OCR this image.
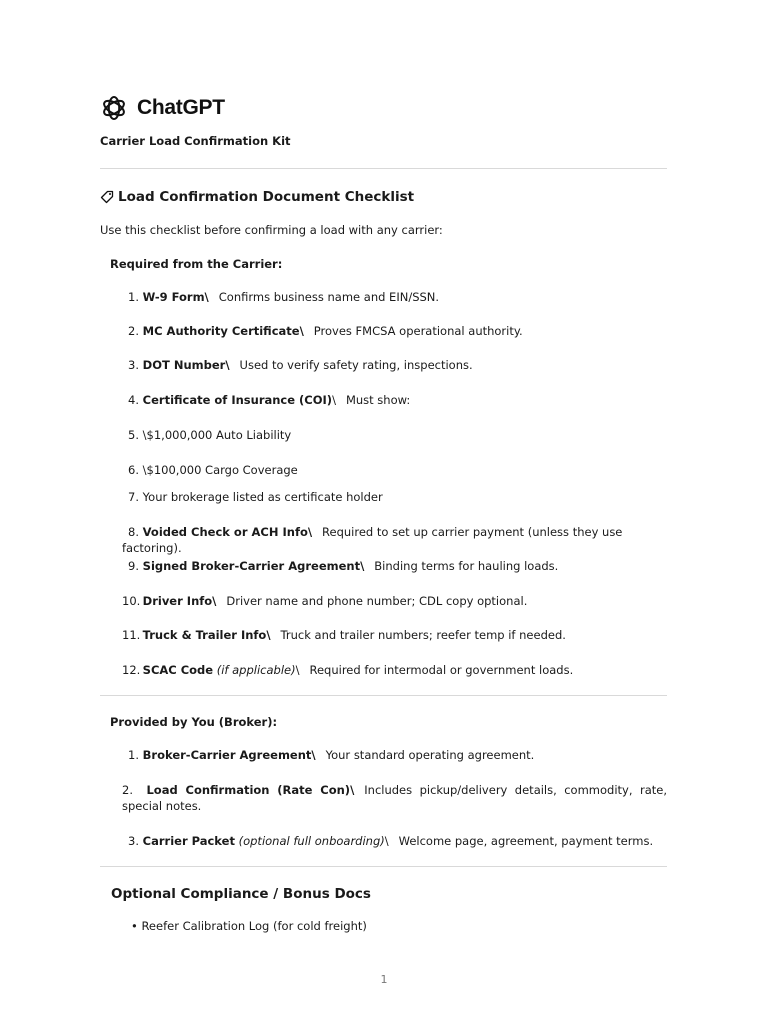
ChatGPT
Carrier Load Confirmation Kit
Load Confirmation Document Checklist
Use this checklist before confirming a load with any carrier:
Required from the Carrier:
1. W-9 Form\ Confirms business name and EIN/SSN.
2. MC Authority Certificate\ Proves FMCSA operational authority.
3. DOT Number\ Used to verify safety rating, inspections.
4. Certificate of Insurance (COI)\ Must show:
5. \$1,000,000 Auto Liability
6. \$100,000 Cargo Coverage
7. Your brokerage listed as certificate holder
8. Voided Check or ACH Info\ Required to set up carrier payment (unless they use factoring).
9. Signed Broker-Carrier Agreement\ Binding terms for hauling loads.
10. Driver Info\ Driver name and phone number; CDL copy optional.
11. Truck & Trailer Info\ Truck and trailer numbers; reefer temp if needed.
12. SCAC Code (if applicable)\ Required for intermodal or government loads.
Provided by You (Broker):
1. Broker-Carrier Agreement\ Your standard operating agreement.
2. Load Confirmation (Rate Con)\ Includes pickup/delivery details, commodity, rate, special notes.
3. Carrier Packet (optional full onboarding)\ Welcome page, agreement, payment terms.
Optional Compliance / Bonus Docs
• Reefer Calibration Log (for cold freight)
1
